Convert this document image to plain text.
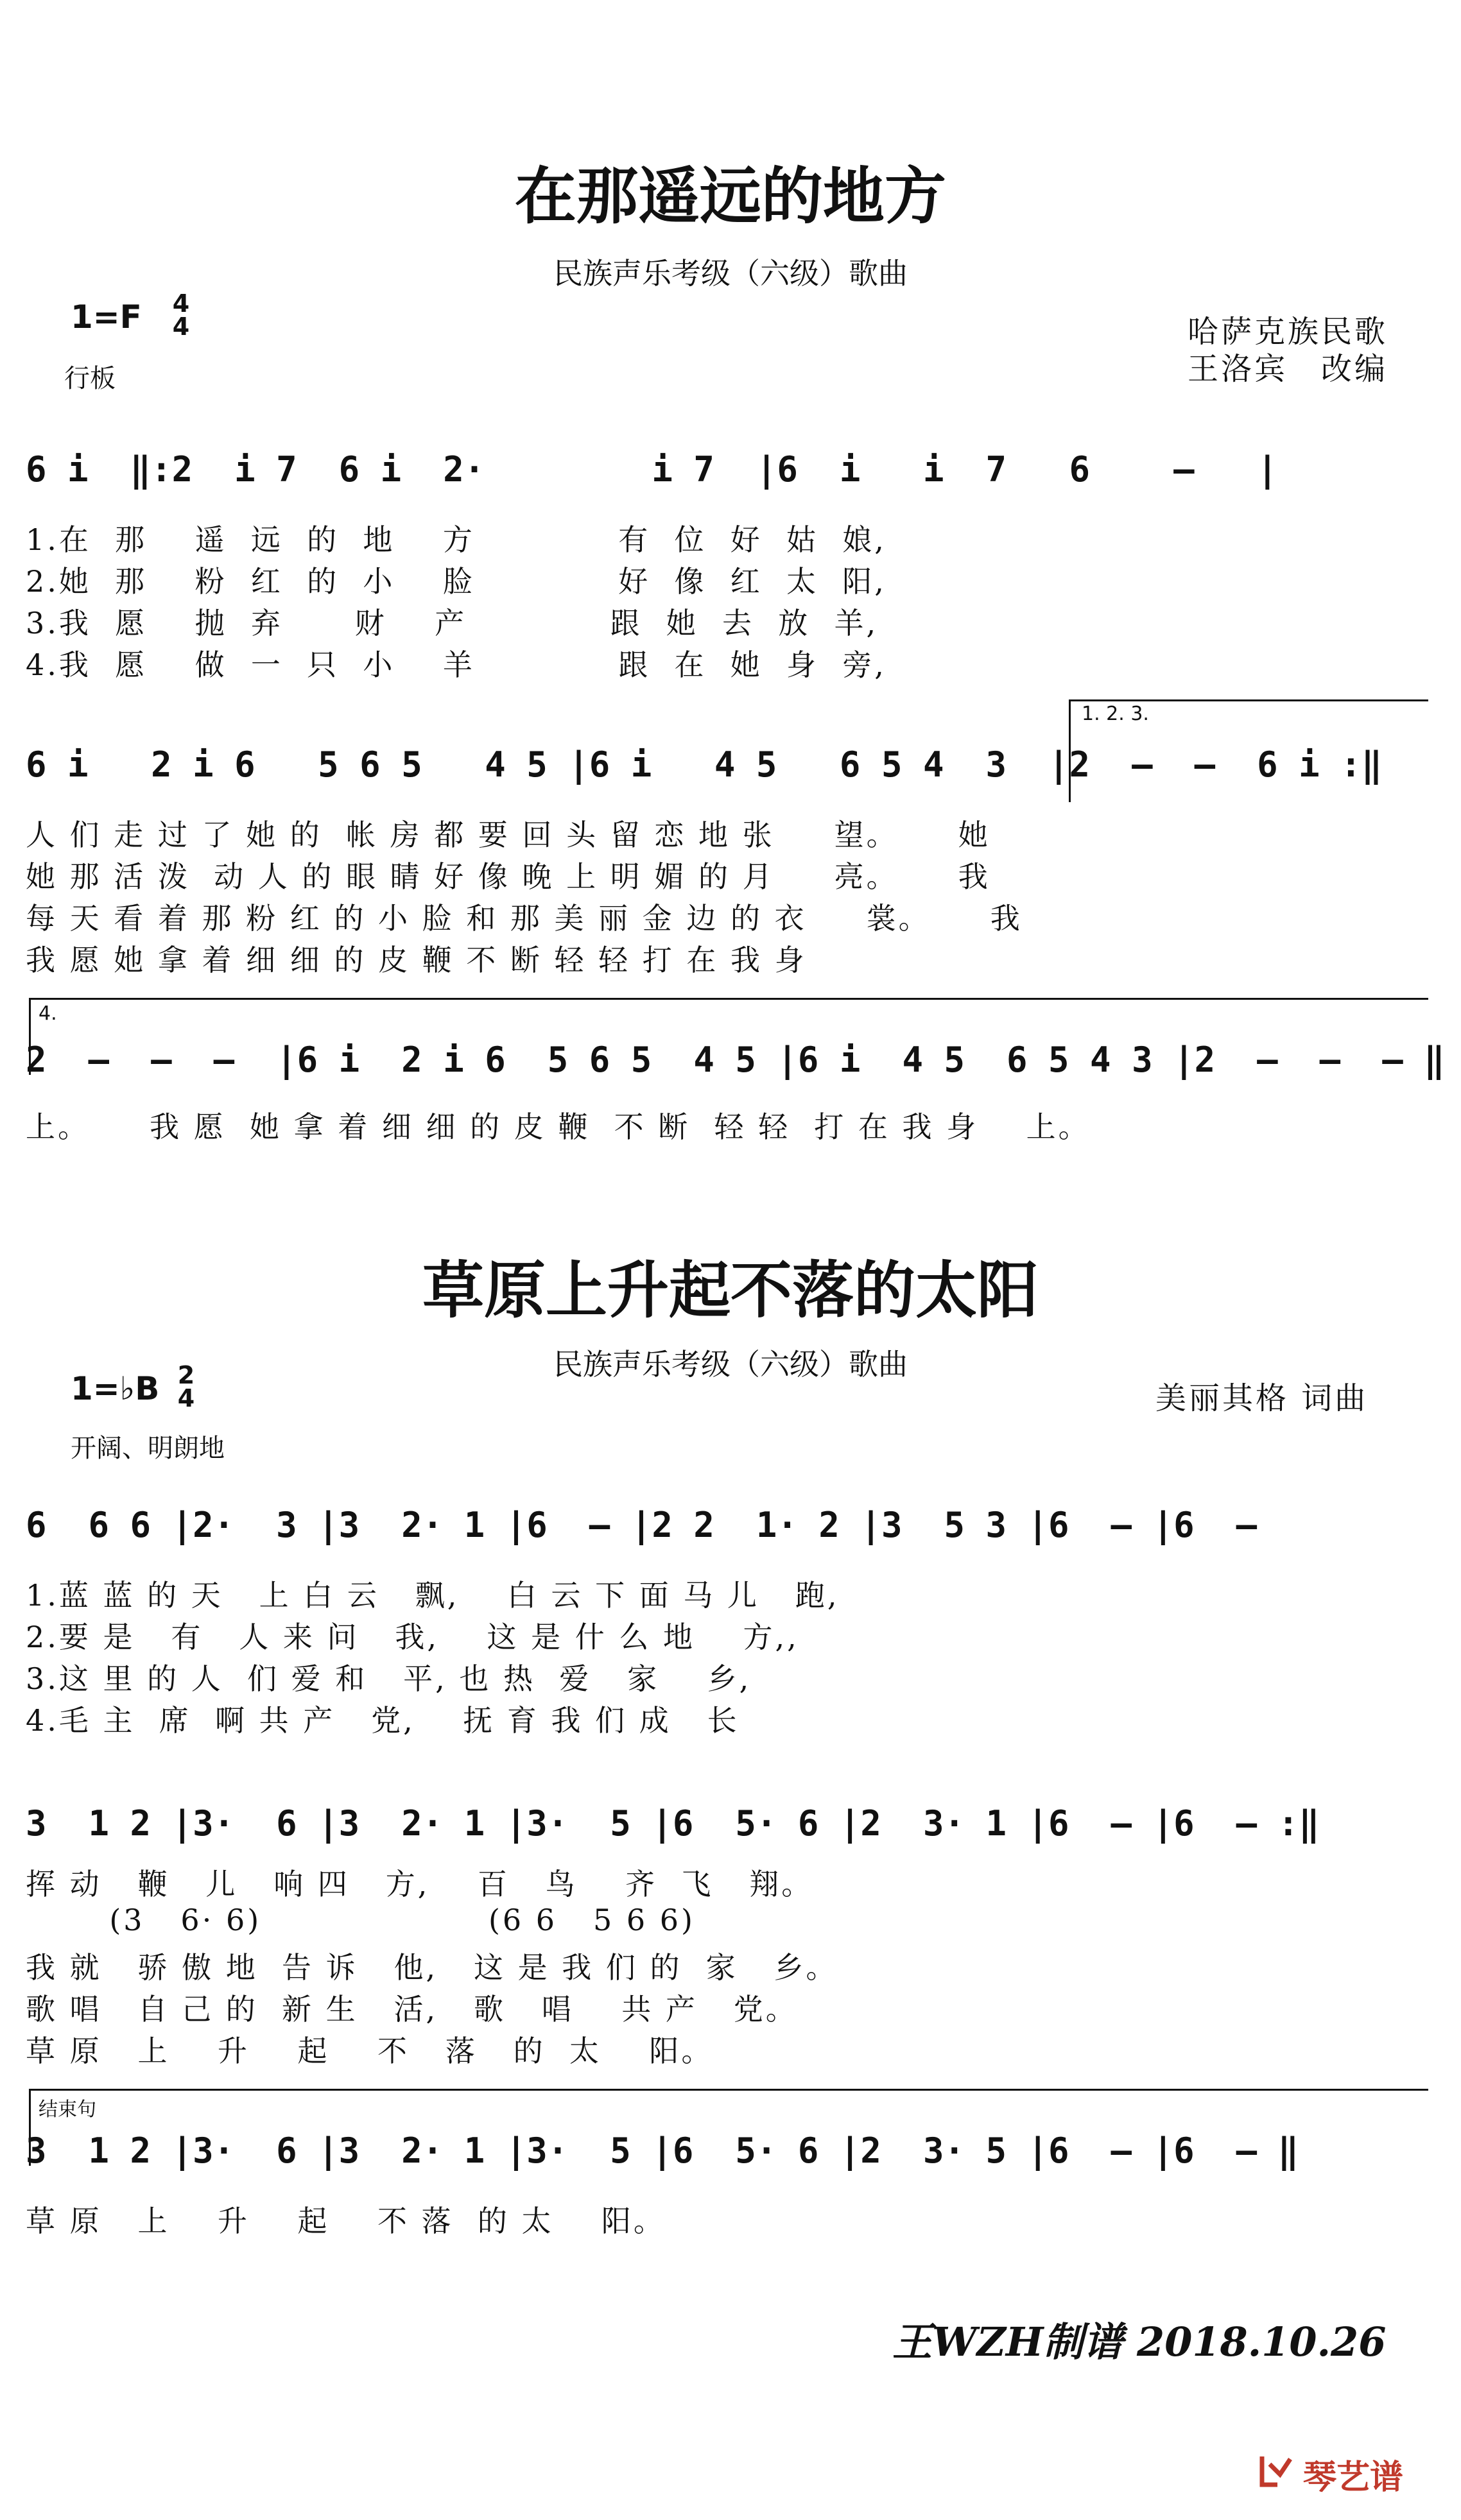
在那遥远的地方
民族声乐考级（六级）歌曲
1=F 4
4
行板
哈萨克族民歌
王洛宾　改编
6 i  ‖:2  i 7  6 i  2·        i 7  |6  i   i  7   6    –   |
1.在  那    遥  远  的  地    方            有  位  好  姑  娘,
2.她  那    粉  红  的  小    脸            好  像  红  太  阳,
3.我  愿    抛  弃      财    产            跟  她  去  放  羊,
4.我  愿    做  一  只  小    羊            跟  在  她  身  旁,
1. 2. 3.
6 i   2 i 6   5 6 5   4 5 |6 i   4 5   6 5 4  3  |2  –  –  6 i :‖
人 们 走 过 了 她 的  帐 房 都 要 回 头 留 恋 地 张     望。     她
她 那 活 泼  动 人 的 眼 睛 好 像 晚 上 明 媚 的 月     亮。     我
每 天 看 着 那 粉 红 的 小 脸 和 那 美 丽 金 边 的 衣     裳。     我
我 愿 她 拿 着 细 细 的 皮 鞭 不 断 轻 轻 打 在 我 身
4.
2  –  –  –  |6 i  2 i 6  5 6 5  4 5 |6 i  4 5  6 5 4 3 |2  –  –  – ‖
上。     我 愿  她 拿 着 细 细 的 皮 鞭  不 断  轻 轻  打 在 我 身    上。
草原上升起不落的太阳
民族声乐考级（六级）歌曲
1=♭B 2
4
开阔、明朗地
美丽其格 词曲
6  6 6 |2·  3 |3  2· 1 |6  – |2 2  1· 2 |3  5 3 |6  – |6  –
1.蓝 蓝 的 天   上 白 云   飘,    白 云 下 面 马 儿   跑,
2.要 是   有   人 来 问   我,    这 是 什 么 地    方,,
3.这 里 的 人  们 爱 和   平, 也 热  爱   家    乡,
4.毛 主  席  啊 共 产   党,    抚 育 我 们 成   长
3  1 2 |3·  6 |3  2· 1 |3·  5 |6  5· 6 |2  3· 1 |6  – |6  – :‖
挥 动   鞭   儿   响 四   方,    百   鸟    齐  飞   翔。
(3   6· 6)                   (6 6   5 6 6)
我 就   骄 傲 地  告 诉   他,   这 是 我 们 的  家   乡。
歌 唱   自 己 的  新 生   活,   歌   唱    共 产   党。
草 原   上    升    起    不   落   的  太    阳。
结束句
3  1 2 |3·  6 |3  2· 1 |3·  5 |6  5· 6 |2  3· 5 |6  – |6  – ‖
草 原   上    升    起    不 落  的 太    阳。
王WZH制谱 2018.10.26
琴艺谱
